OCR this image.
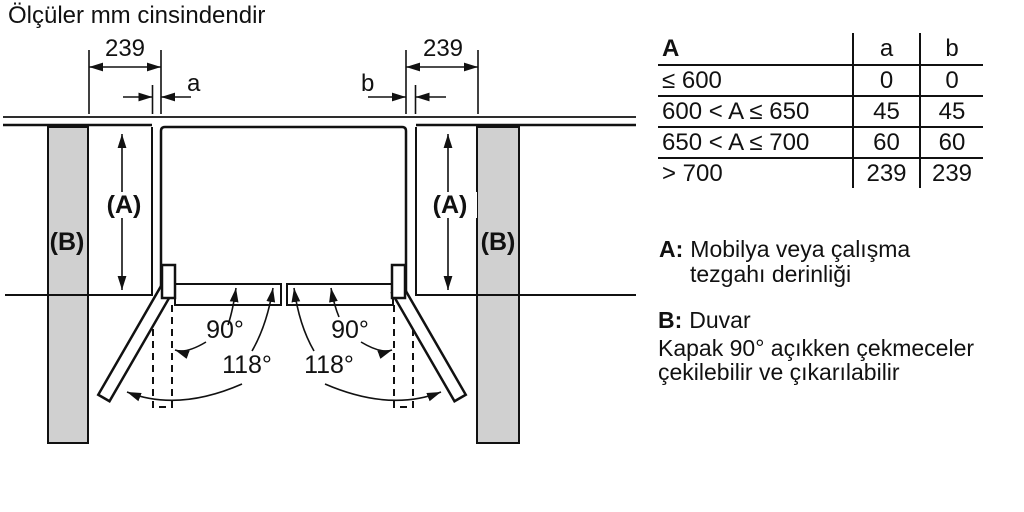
Ölçüler mm cinsindendir
239	239
a	b
(A)	(A)
(B)	(B)
90°	90°
118° 118°
A	a	b
≤ 600	0	0
600 < A ≤ 650	45	45
650 < A ≤ 700	60	60
> 700	239	239
A: Mobilya veya çalışma
tezgahı derinliği
B: Duvar
Kapak 90° açıkken çekmeceler
çekilebilir ve çıkarılabilir
